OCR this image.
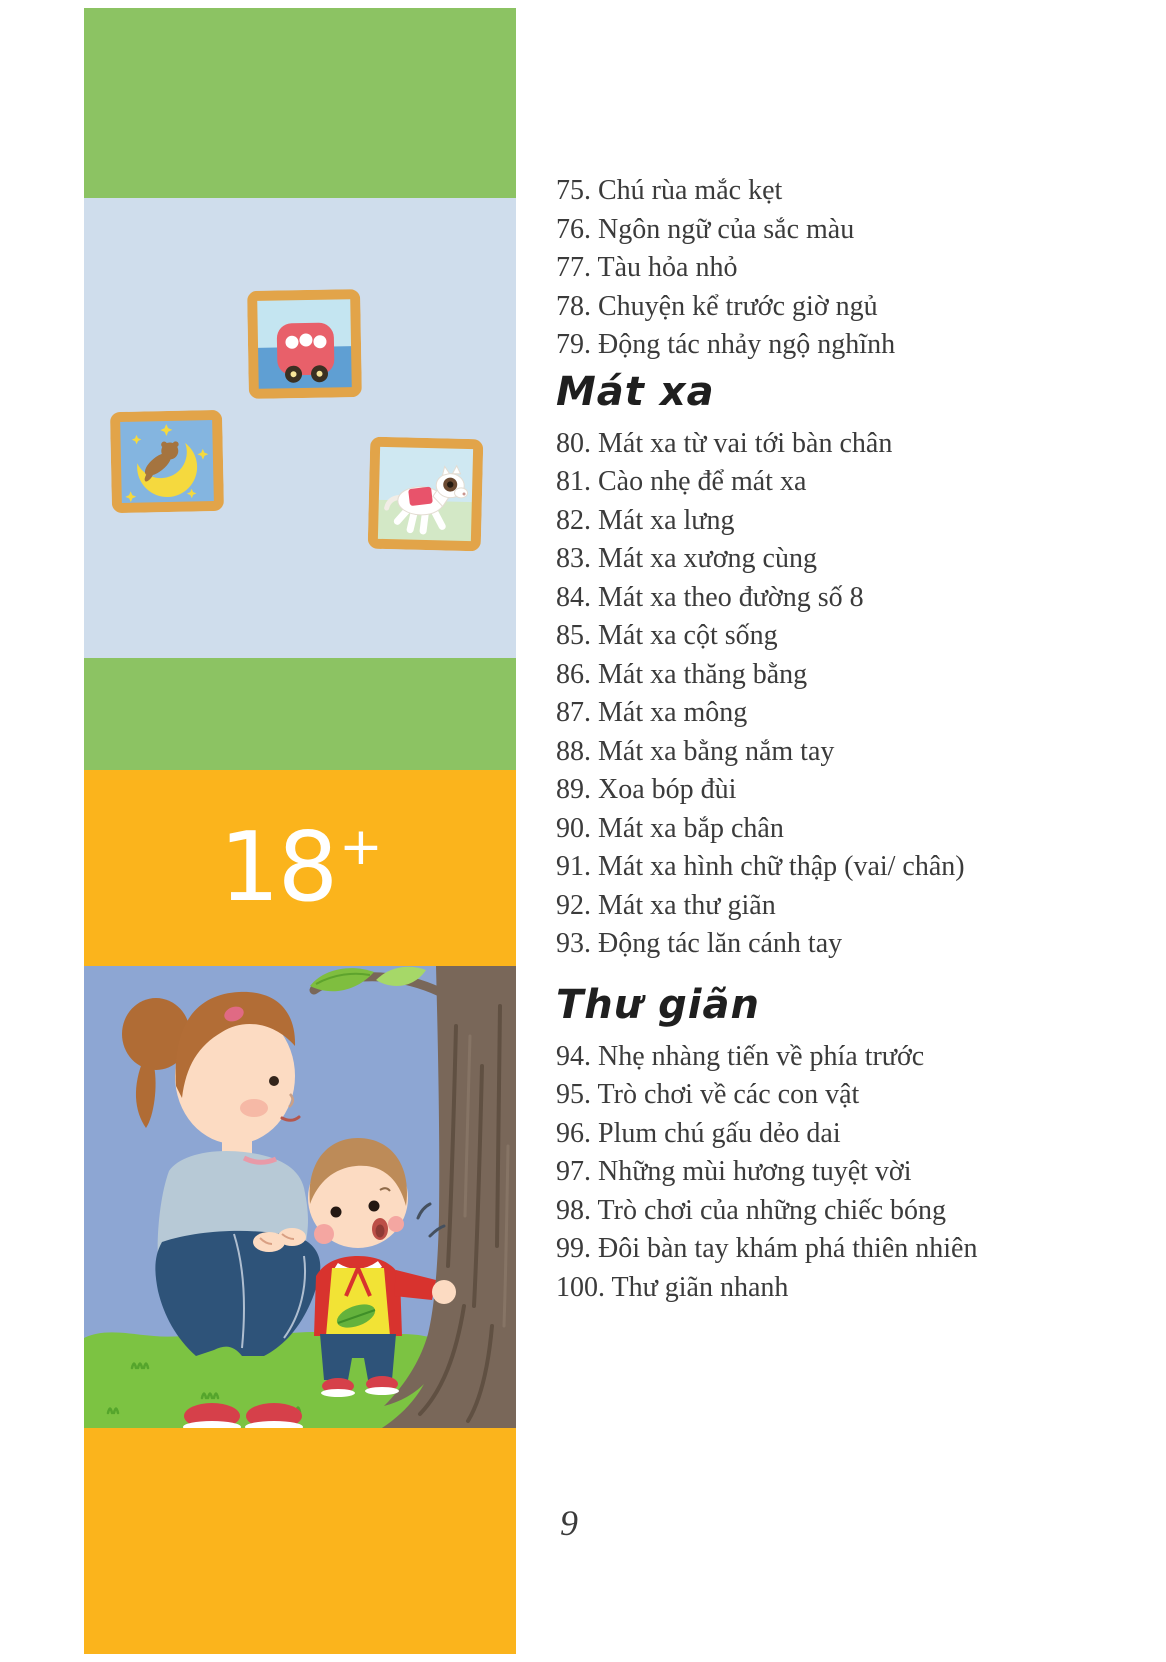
18+
75. Chú rùa mắc kẹt
76. Ngôn ngữ của sắc màu
77. Tàu hỏa nhỏ
78. Chuyện kể trước giờ ngủ
79. Động tác nhảy ngộ nghĩnh
Mát xa
80. Mát xa từ vai tới bàn chân
81. Cào nhẹ để mát xa
82. Mát xa lưng
83. Mát xa xương cùng
84. Mát xa theo đường số 8
85. Mát xa cột sống
86. Mát xa thăng bằng
87. Mát xa mông
88. Mát xa bằng nắm tay
89. Xoa bóp đùi
90. Mát xa bắp chân
91. Mát xa hình chữ thập (vai/ chân)
92. Mát xa thư giãn
93. Động tác lăn cánh tay
Thư giãn
94. Nhẹ nhàng tiến về phía trước
95. Trò chơi về các con vật
96. Plum chú gấu dẻo dai
97. Những mùi hương tuyệt vời
98. Trò chơi của những chiếc bóng
99. Đôi bàn tay khám phá thiên nhiên
100. Thư giãn nhanh
9
